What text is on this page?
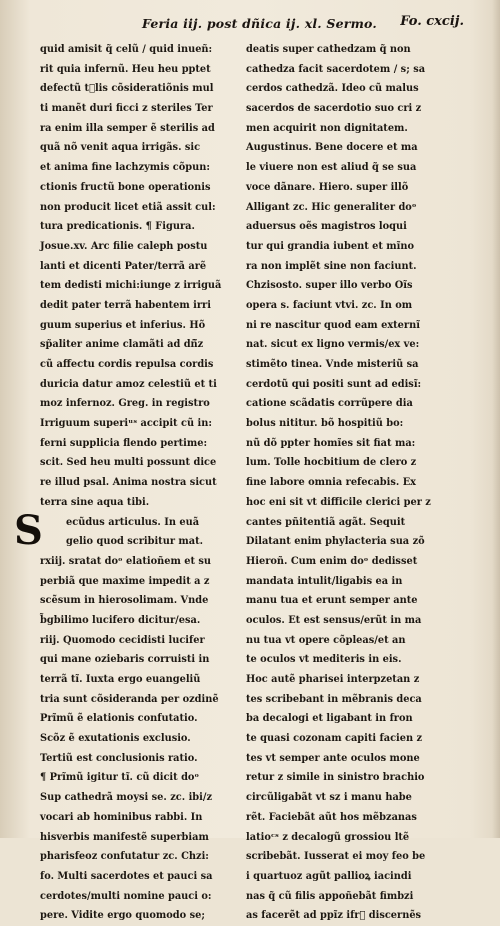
Feria iij. post dñica ij. xl. Sermo. Fo. cxcij.
quid amisit q̃ celũ / quid inueñ:
rit quia infernũ. Heu heu pptet
defectũ tᷣlis cõsideratiõnis mul
ti manẽt duri ficci z steriles Ter
ra enim illa semper ẽ sterilis ad
quã nõ venit aqua irrigãs. sic
et anima fine lachzymis cõpun:
ctionis fructũ bone operationis
non producit licet etiã assit cul:
tura predicationis. ¶ Figura.
Josue.xv. Arc filie caleph postu
lanti et dicenti Pater/terrã arẽ
tem dedisti michi:iunge z irriguã
dedit pater terrã habentem irri
guum superius et inferius. Hõ
sp̃aliter anime clamãti ad dñ̃z
cũ affectu cordis repulsa cordis
duricia datur amoz celestiũ et ti
moz infernoz. Greg. in registro
Irriguum superiᵘˢ accipit cũ in:
ferni supplicia flendo pertime:
scit. Sed heu multi possunt dice
re illud psal. Anima nostra sicut
terra sine aqua tibi.
S ecũdus articulus. In euã
gelio quod scribitur mat.
rxiij. sratat doᵒ elatioñem et su
perbiã que maxime impedit a z
scẽsum in hierosolimam. Vnde
b̃gbilimo lucifero dicitur/esa.
riij. Quomodo cecidisti lucifer
qui mane oziebaris corruisti in
terrã tĩ. Iuxta ergo euangeliũ
tria sunt cõsideranda per ozdinẽ
Prĩmũ ẽ elationis confutatio.
Scõz ẽ exutationis exclusio.
Tertiũ est conclusionis ratio.
¶ Prĩmũ igitur tĩ. cũ dicit doᵒ
Sup cathedrã moysi se. zc. ibi/z
vocari ab hominibus rabbi. In
hisverbis manifestẽ superbiam
pharisfeoz confutatur zc. Chzi:
fo. Multi sacerdotes et pauci sa
cerdotes/multi nomine pauci o:
pere. Vidite ergo quomodo se;
deatis super cathedzam q̃ non
cathedza facit sacerdotem / s; sa
cerdos cathedzã. Ideo cũ malus
sacerdos de sacerdotio suo cri z
men acquirit non dignitatem.
Augustinus. Bene docere et ma
le viuere non est aliud q̃ se sua
voce dãnare. Hiero. super illõ
Alligant zc. Hic generaliter doᵒ
aduersus oẽs magistros loqui
tur qui grandia iubent et mĩno
ra non implẽt sine non faciunt.
Chzisosto. super illo verbo Oĩs
opera s. faciunt vtvi. zc. In om
ni re nascitur quod eam externĩ
nat. sicut ex ligno vermis/ex ve:
stimẽto tinea. Vnde misteriũ sa
cerdotũ qui positi sunt ad edisĩ:
catione scãdatis corrũpere dia
bolus nititur. bõ hospitiũ bo:
nũ dõ ppter homĩes sit fiat ma:
lum. Tolle hocbitium de clero z
fine labore omnia refecabis. Ex
hoc eni sit vt difficile clerici per z
cantes pñitentiã agãt. Sequit
Dilatant enim phylacteria sua zõ
Hieroñ. Cum enim doᵒ dedisset
mandata intulit/ligabis ea in
manu tua et erunt semper ante
oculos. Et est sensus/erũt in ma
nu tua vt opere cõpleas/et an
te oculos vt mediteris in eis.
Hoc autẽ pharisei interpzetan z
tes scribebant in mẽbranis deca
ba decalogi et ligabant in fron
te quasi cozonam capiti facien z
tes vt semper ante oculos mone
retur z simile in sinistro brachio
circũligabãt vt sz i manu habe
rẽt. Faciebãt aũt hos mẽbzanas
latioᶜˢ z decalogũ grossiou ltẽ
scribebãt. Iusserat ei moy feo be
i quartuoz agũt pallioꝝ iacindi
nas q̃ cũ filis appoñebãt fimbzi
as facerẽt ad ppĩz ifrᷝ discernẽs
